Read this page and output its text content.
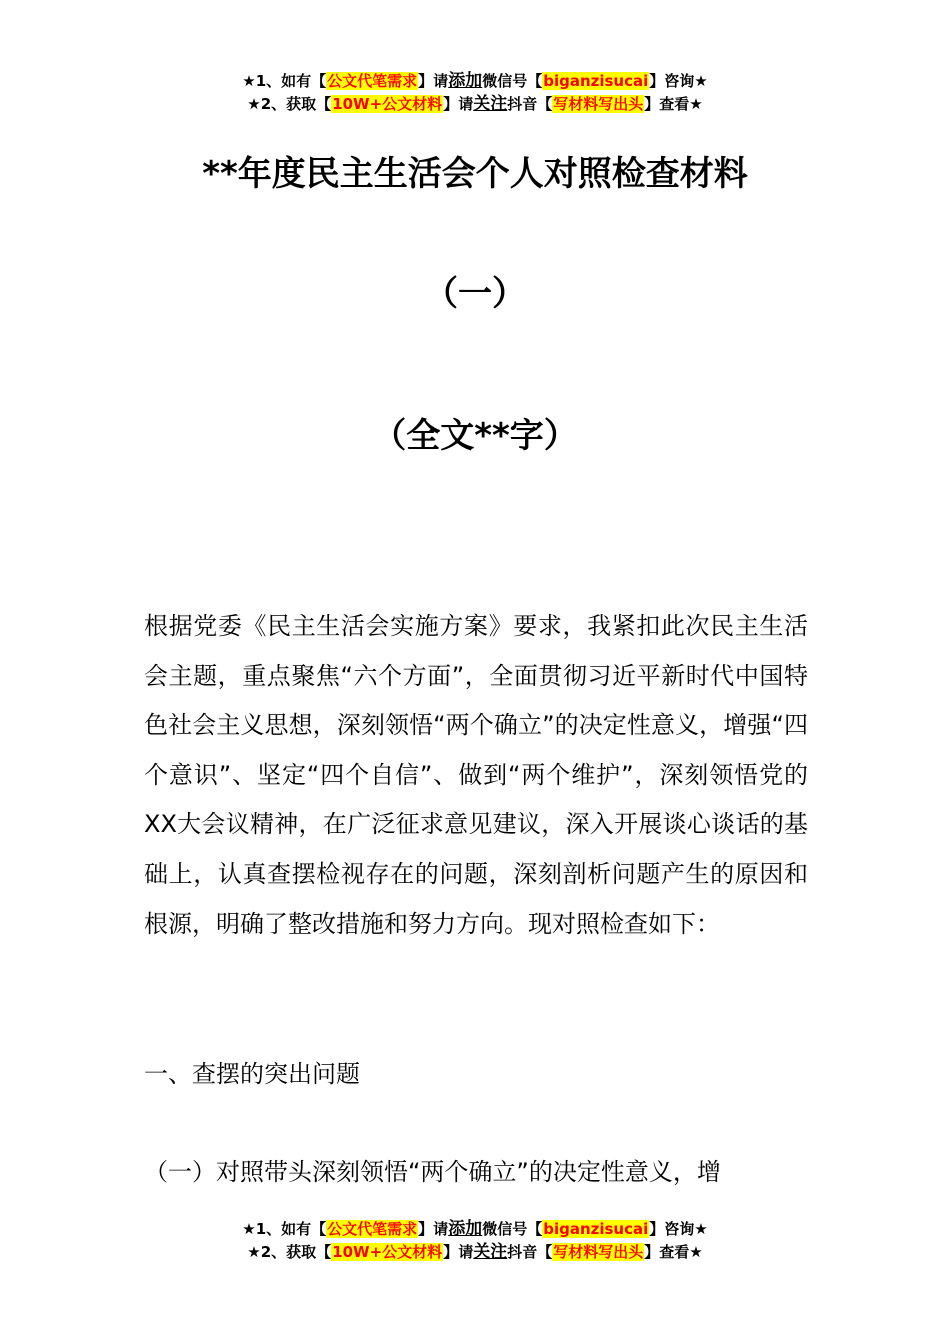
★1、如有【公文代笔需求】请添加微信号【biganzisucai】咨询★
★2、获取【10W+公文材料】请关注抖音【写材料写出头】查看★
**年度民主生活会个人对照检查材料
（一）
（全文**字）
根据党委《民主生活会实施方案》要求，我紧扣此次民主生活会主题，重点聚焦“六个方面”，全面贯彻习近平新时代中国特色社会主义思想，深刻领悟“两个确立”的决定性意义，增强“四个意识”、坚定“四个自信”、做到“两个维护”，深刻领悟党的XX大会议精神，在广泛征求意见建议，深入开展谈心谈话的基础上，认真查摆检视存在的问题，深刻剖析问题产生的原因和根源，明确了整改措施和努力方向。现对照检查如下：
一、查摆的突出问题
（一）对照带头深刻领悟“两个确立”的决定性意义，增
★1、如有【公文代笔需求】请添加微信号【biganzisucai】咨询★
★2、获取【10W+公文材料】请关注抖音【写材料写出头】查看★
